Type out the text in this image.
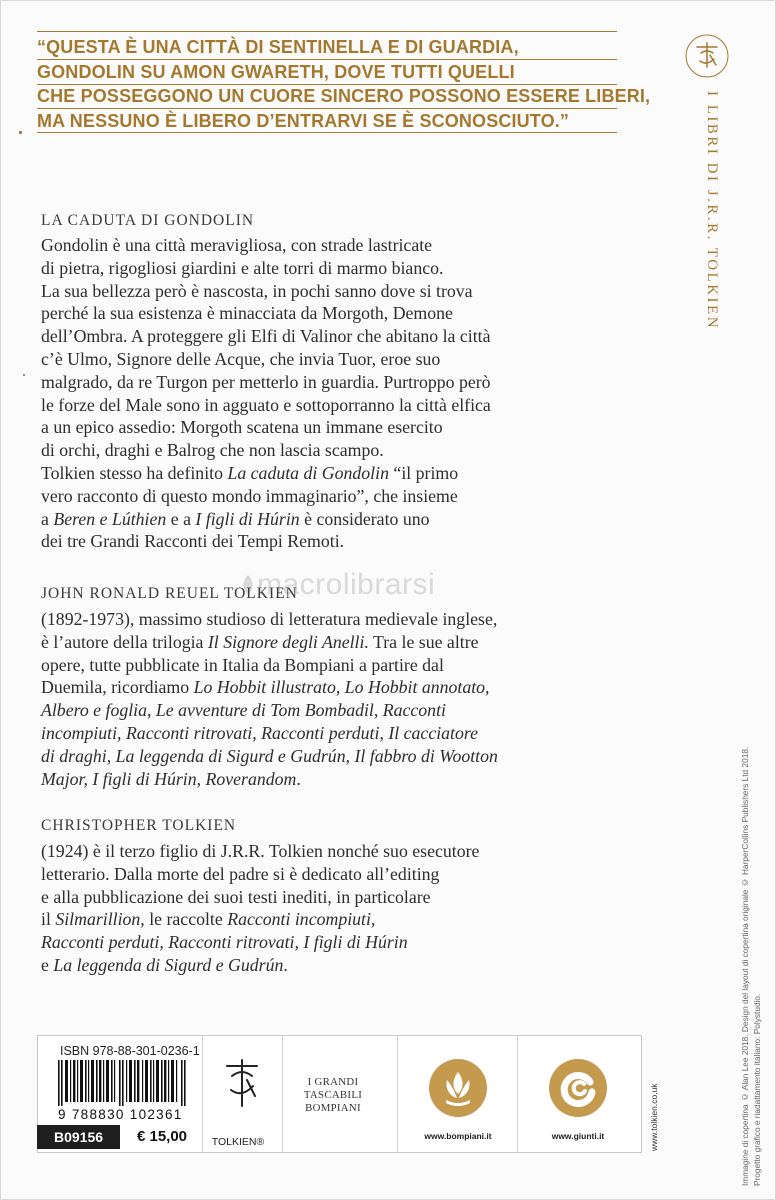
“QUESTA È UNA CITTÀ DI SENTINELLA E DI GUARDIA,
GONDOLIN SU AMON GWARETH, DOVE TUTTI QUELLI
CHE POSSEGGONO UN CUORE SINCERO POSSONO ESSERE LIBERI,
MA NESSUNO È LIBERO D’ENTRARVI SE È SCONOSCIUTO.”	I LIBRI DI J.R.R. TOLKIEN
LA CADUTA DI GONDOLIN
Gondolin è una città meravigliosa, con strade lastricate
di pietra, rigogliosi giardini e alte torri di marmo bianco.
La sua bellezza però è nascosta, in pochi sanno dove si trova
perché la sua esistenza è minacciata da Morgoth, Demone
dell’Ombra. A proteggere gli Elfi di Valinor che abitano la città
c’è Ulmo, Signore delle Acque, che invia Tuor, eroe suo
malgrado, da re Turgon per metterlo in guardia. Purtroppo però
le forze del Male sono in agguato e sottoporranno la città elfica
a un epico assedio: Morgoth scatena un immane esercito
di orchi, draghi e Balrog che non lascia scampo.
Tolkien stesso ha definito La caduta di Gondolin “il primo
vero racconto di questo mondo immaginario”, che insieme
a Beren e Lúthien e a I figli di Húrin è considerato uno
dei tre Grandi Racconti dei Tempi Remoti.
macrolibrarsi
JOHN RONALD REUEL TOLKIEN
(1892-1973), massimo studioso di letteratura medievale inglese,
è l’autore della trilogia Il Signore degli Anelli. Tra le sue altre
opere, tutte pubblicate in Italia da Bompiani a partire dal
Duemila, ricordiamo Lo Hobbit illustrato, Lo Hobbit annotato,
Albero e foglia, Le avventure di Tom Bombadil, Racconti
incompiuti, Racconti ritrovati, Racconti perduti, Il cacciatore
di draghi, La leggenda di Sigurd e Gudrún, Il fabbro di Wootton
Major, I figli di Húrin, Roverandom.
CHRISTOPHER TOLKIEN
(1924) è il terzo figlio di J.R.R. Tolkien nonché suo esecutore
letterario. Dalla morte del padre si è dedicato all’editing
e alla pubblicazione dei suoi testi inediti, in particolare
il Silmarillion, le raccolte Racconti incompiuti,
Racconti perduti, Racconti ritrovati, I figli di Húrin
e La leggenda di Sigurd e Gudrún.	Immagine di copertina © Alan Lee 2018. Design del layout di copertina originale © HarperCollins Publishers Ltd 2018. Progetto grafico e riadattamento italiano: Polystudio.
ISBN 978-88-301-0236-1
9 788830 102361
TOLKIEN®
I GRANDI
TASCABILI
BOMPIANI
www.bompiani.it	www.giunti.it
B09156	€ 15,00	www.tolkien.co.uk
